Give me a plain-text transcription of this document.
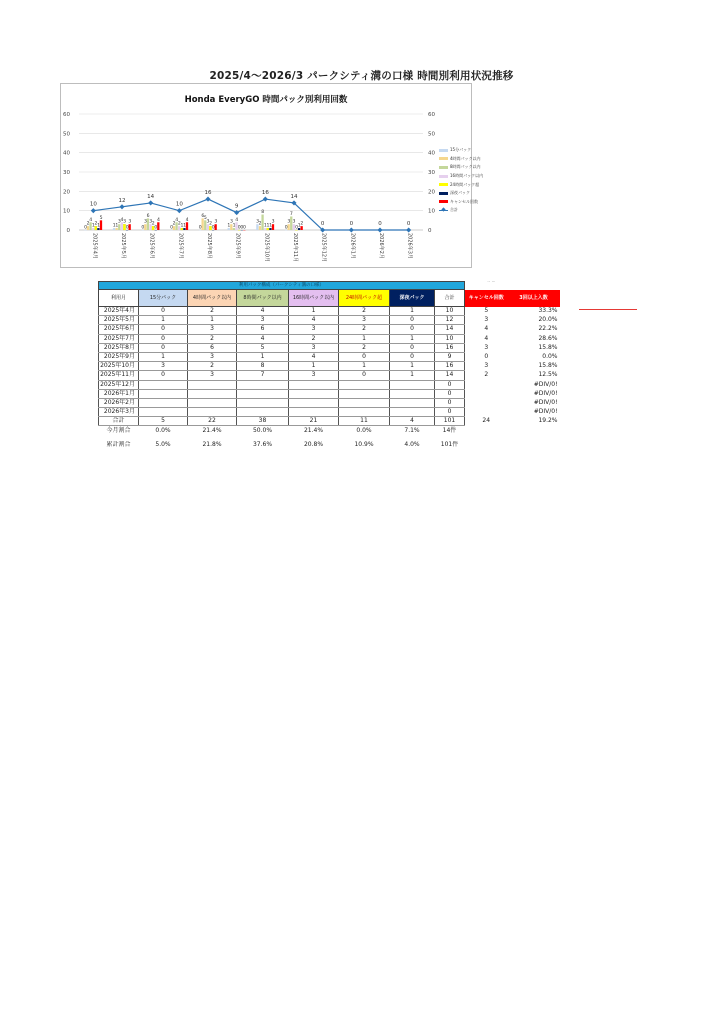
2025/4～2026/3 パークシティ溝の口様 時間別利用状況推移
Honda EveryGO 時間パック別利用回数
0	0
10	10
20	20
30	30
40	40
50	50
60	60
0	1	0	0	0	1
3
0
2	1
3	2
6
3	2	3
4	3
6
4	5
1
8	7
1
4	3	2	3	4
1
3
2	3	2	1	2
0	1	0
1	0	0	1	0	0	1	1
5
3	4	4	3
0
3	2
10
12
14
10
16
9
16
14
0	0	0	0
2025年4月	2025年5月	2025年6月	2025年7月	2025年8月	2025年9月	2025年10月	2025年11月	2025年12月	2026年1月	2026年2月	2026年3月
15分パック
4時間パック以内
8時間パック以内
16時間パック以内
24時間パック超
深夜パック
キャンセル回数
合計
利用パック構成（パークシティ溝の口様）									
利用月	15分パック	4時間パック以内	8時間パック以内	16時間パック以内	24時間パック超	深夜パック	合計	キャンセル回数	3回以上入数
2025年4月	0	2	4	1	2	1	10	5	33.3%
2025年5月	1	1	3	4	3	0	12	3	20.0%
2025年6月	0	3	6	3	2	0	14	4	22.2%
2025年7月	0	2	4	2	1	1	10	4	28.6%
2025年8月	0	6	5	3	2	0	16	3	15.8%
2025年9月	1	3	1	4	0	0	9	0	0.0%
2025年10月	3	2	8	1	1	1	16	3	15.8%
2025年11月	0	3	7	3	0	1	14	2	12.5%
2025年12月							0		#DIV/0!
2026年1月							0		#DIV/0!
2026年2月							0		#DIV/0!
2026年3月							0		#DIV/0!
合計	5	22	38	21	11	4	101	24	19.2%
今月割合	0.0%	21.4%	50.0%	21.4%	0.0%	7.1%	14件		

累計割合	5.0%	21.8%	37.6%	20.8%	10.9%	4.0%	101件		
